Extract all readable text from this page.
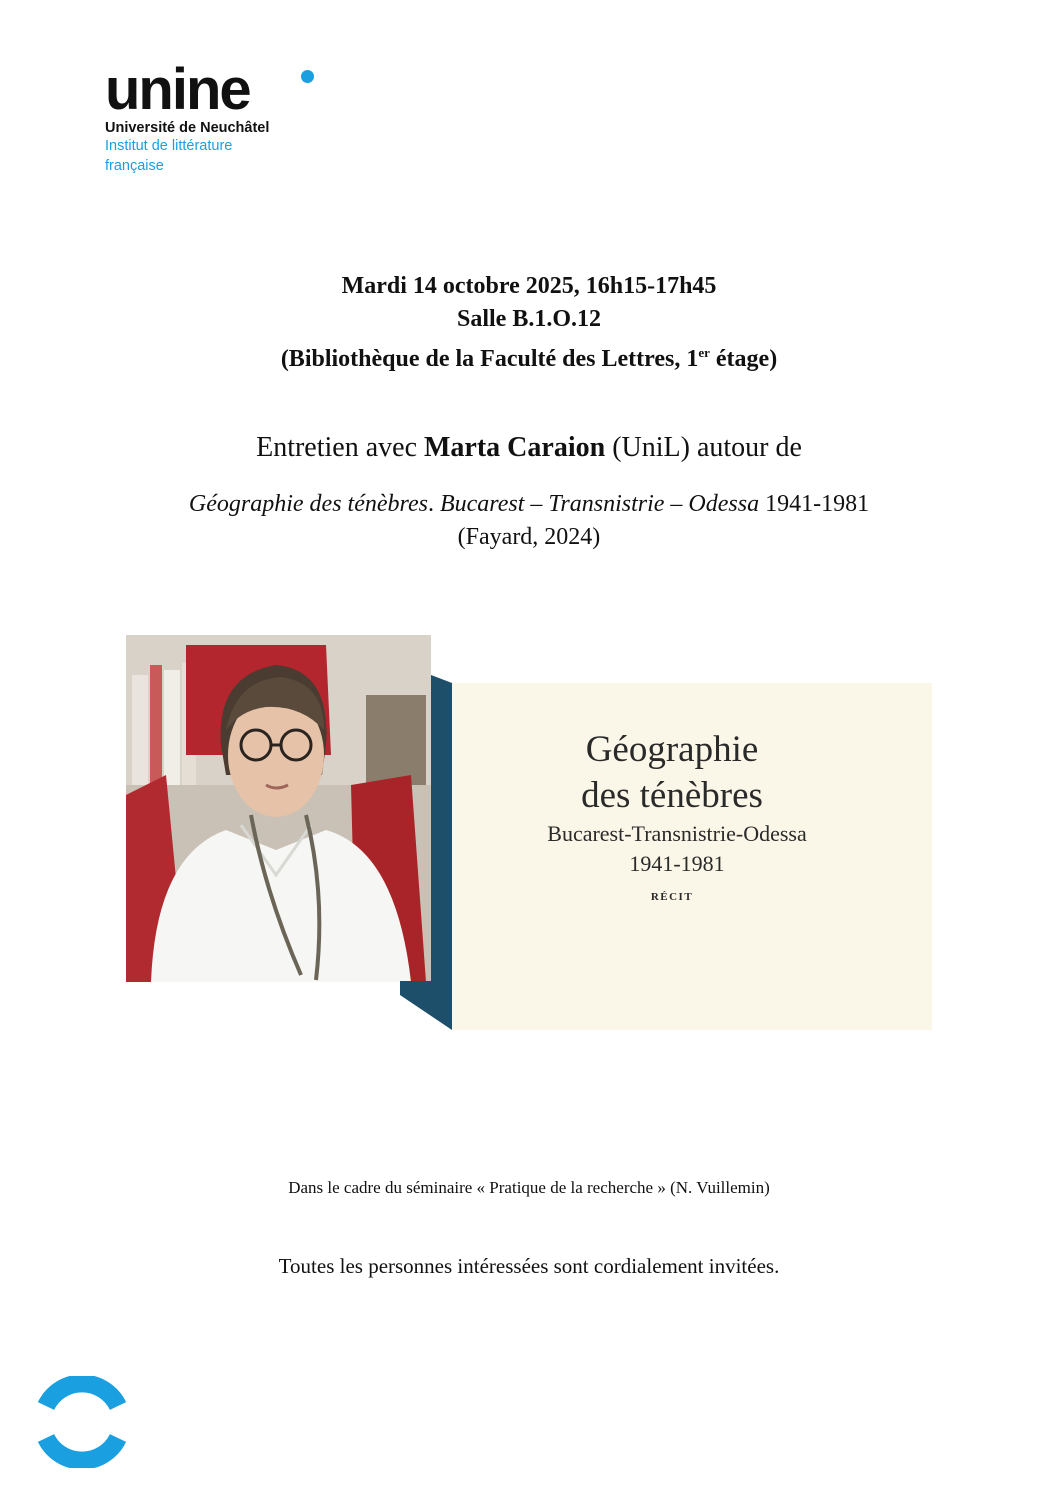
unine
Université de Neuchâtel
Institut de littérature
française
Mardi 14 octobre 2025, 16h15-17h45
Salle B.1.O.12
(Bibliothèque de la Faculté des Lettres, 1er étage)
Entretien avec Marta Caraion (UniL) autour de
Géographie des ténèbres. Bucarest – Transnistrie – Odessa 1941-1981
(Fayard, 2024)
Géographie
des ténèbres
Bucarest-Transnistrie-Odessa
1941-1981
RÉCIT
Dans le cadre du séminaire « Pratique de la recherche » (N. Vuillemin)
Toutes les personnes intéressées sont cordialement invitées.
